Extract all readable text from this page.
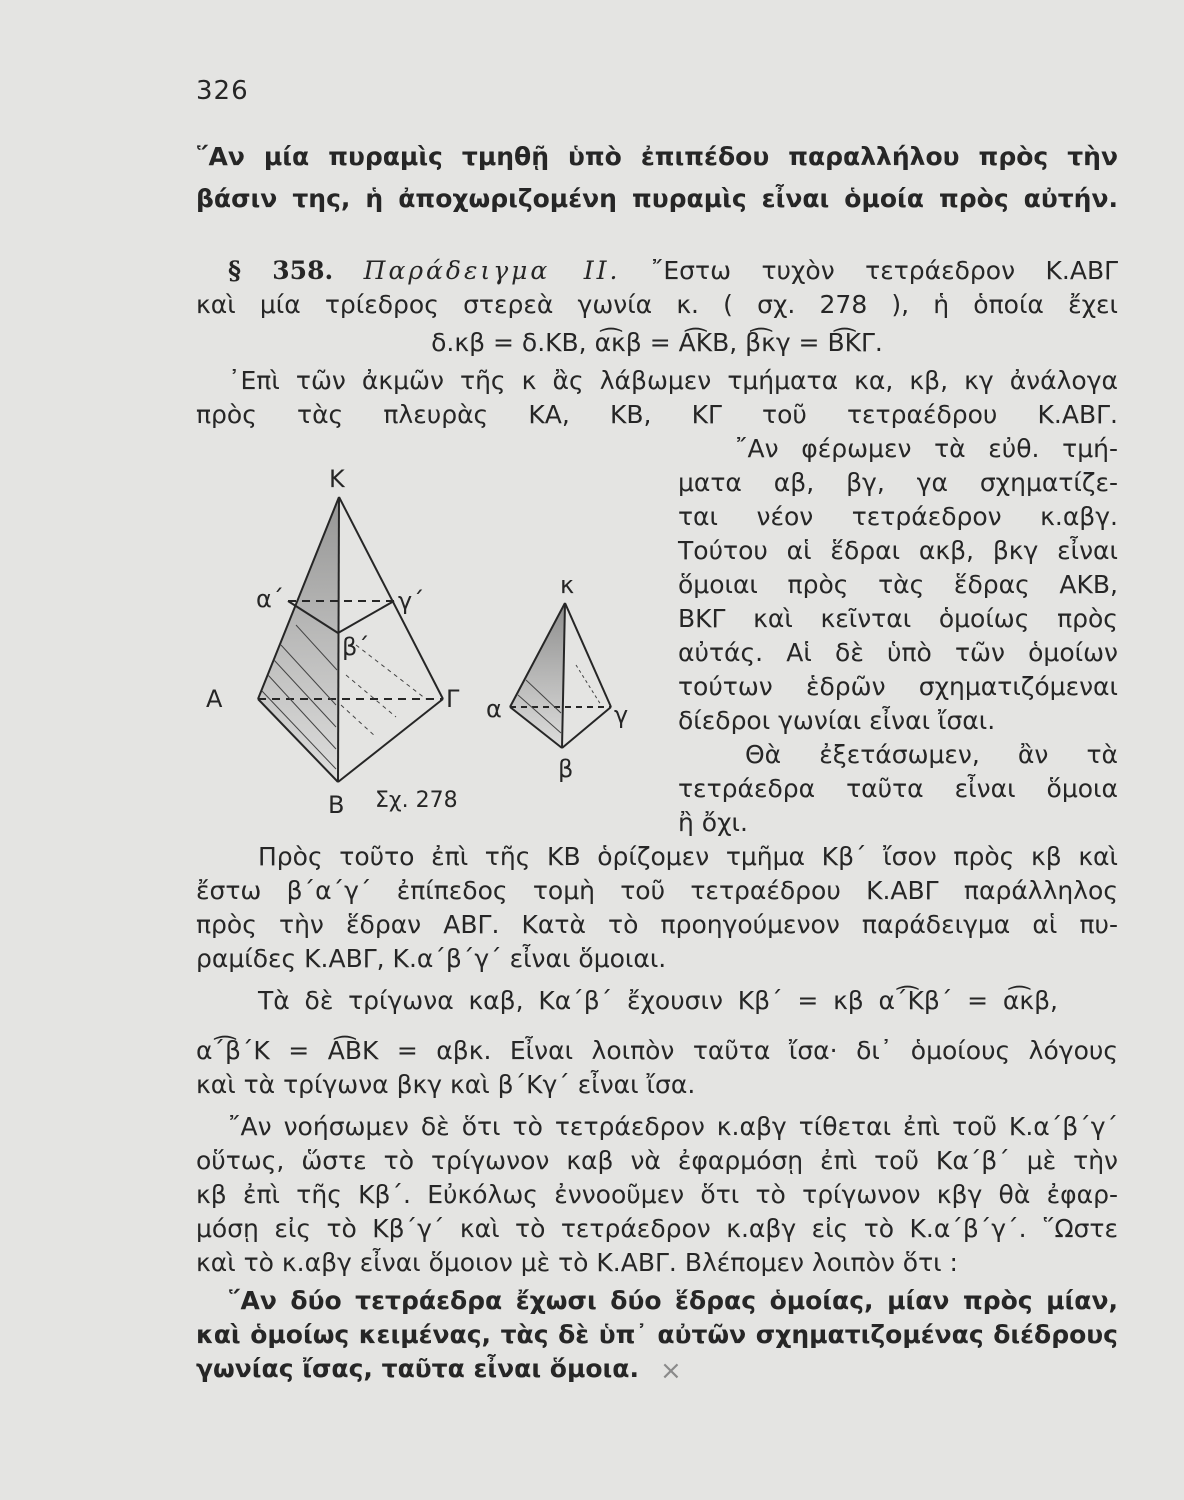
326
῞Αν μία πυραμὶς τμηθῇ ὑπὸ ἐπιπέδου παραλλήλου πρὸς τὴν
βάσιν της, ἡ ἀποχωριζομένη πυραμὶς εἶναι ὁμοία πρὸς αὐτήν.
§ 358. Παράδειγμα ΙΙ. ῎Εστω τυχὸν τετράεδρον Κ.ΑΒΓ
καὶ μία τρίεδρος στερεὰ γωνία κ. ( σχ. 278 ), ἡ ὁποία ἔχει
δ.κβ = δ.ΚΒ, α͡κβ = Α͡ΚΒ, β͡κγ = Β͡ΚΓ.
᾿Επὶ τῶν ἀκμῶν τῆς κ ἂς λάβωμεν τμήματα κα, κβ, κγ ἀνάλογα
πρὸς τὰς πλευρὰς ΚΑ, ΚΒ, ΚΓ τοῦ τετραέδρου Κ.ΑΒΓ.
Κ
Α	Γ
Β
α΄	γ΄
β΄
κ
α	γ
β
Σχ. 278
῎Αν φέρωμεν τὰ εὐθ. τμή-
ματα αβ, βγ, γα σχηματίζε-
ται νέον τετράεδρον κ.αβγ.
Τούτου αἱ ἕδραι ακβ, βκγ εἶναι
ὅμοιαι πρὸς τὰς ἕδρας ΑΚΒ,
ΒΚΓ καὶ κεῖνται ὁμοίως πρὸς
αὐτάς. Αἱ δὲ ὑπὸ τῶν ὁμοίων
τούτων ἑδρῶν σχηματιζόμεναι
δίεδροι γωνίαι εἶναι ἴσαι.
Θὰ ἐξετάσωμεν, ἂν τὰ
τετράεδρα ταῦτα εἶναι ὅμοια
ἢ ὄχι.
Πρὸς τοῦτο ἐπὶ τῆς ΚΒ ὁρίζομεν τμῆμα Κβ΄ ἴσον πρὸς κβ καὶ
ἔστω β΄α΄γ΄ ἐπίπεδος τομὴ τοῦ τετραέδρου Κ.ΑΒΓ παράλληλος
πρὸς τὴν ἕδραν ΑΒΓ. Κατὰ τὸ προηγούμενον παράδειγμα αἱ πυ-
ραμίδες Κ.ΑΒΓ, Κ.α΄β΄γ΄ εἶναι ὅμοιαι.
Τὰ δὲ τρίγωνα καβ, Κα΄β΄ ἔχουσιν Κβ΄ = κβ α΄͡Κβ΄ = α͡κβ,
α΄͡β΄Κ = Α͡ΒΚ = αβκ. Εἶναι λοιπὸν ταῦτα ἴσα· δι᾿ ὁμοίους λόγους
καὶ τὰ τρίγωνα βκγ καὶ β΄Κγ΄ εἶναι ἴσα.
῎Αν νοήσωμεν δὲ ὅτι τὸ τετράεδρον κ.αβγ τίθεται ἐπὶ τοῦ Κ.α΄β΄γ΄
οὕτως, ὥστε τὸ τρίγωνον καβ νὰ ἐφαρμόσῃ ἐπὶ τοῦ Κα΄β΄ μὲ τὴν
κβ ἐπὶ τῆς Κβ΄. Εὐκόλως ἐννοοῦμεν ὅτι τὸ τρίγωνον κβγ θὰ ἐφαρ-
μόσῃ εἰς τὸ Κβ΄γ΄ καὶ τὸ τετράεδρον κ.αβγ εἰς τὸ Κ.α΄β΄γ΄. ῞Ωστε
καὶ τὸ κ.αβγ εἶναι ὅμοιον μὲ τὸ Κ.ΑΒΓ. Βλέπομεν λοιπὸν ὅτι :
῞Αν δύο τετράεδρα ἔχωσι δύο ἕδρας ὁμοίας, μίαν πρὸς μίαν,
καὶ ὁμοίως κειμένας, τὰς δὲ ὑπ᾿ αὐτῶν σχηματιζομένας διέδρους
γωνίας ἴσας, ταῦτα εἶναι ὅμοια. ×
